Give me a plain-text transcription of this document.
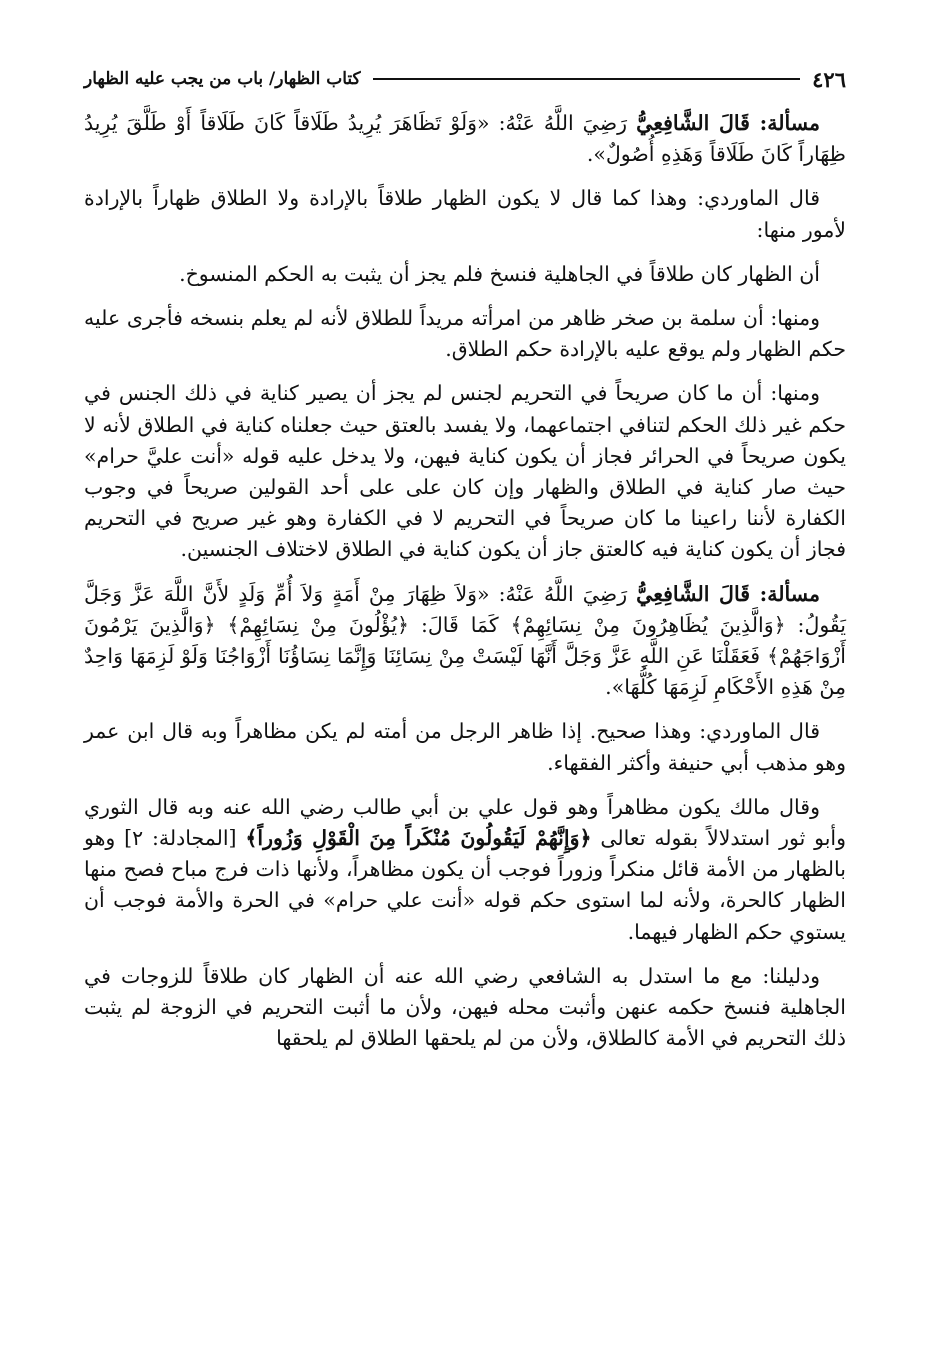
٤٢٦
كتاب الظهار/ باب من يجب عليه الظهار

مسألة: قَالَ الشَّافِعِيُّ رَضِيَ اللَّهُ عَنْهُ: «وَلَوْ تَظَاهَرَ يُرِيدُ طَلَاقاً كَانَ طَلَاقاً أَوْ طَلَّقَ يُرِيدُ ظِهَاراً كَانَ طَلَاقاً وَهَذِهِ أُصُولٌ».

قال الماوردي: وهذا كما قال لا يكون الظهار طلاقاً بالإرادة ولا الطلاق ظهاراً بالإرادة لأمور منها:

أن الظهار كان طلاقاً في الجاهلية فنسخ فلم يجز أن يثبت به الحكم المنسوخ.

ومنها: أن سلمة بن صخر ظاهر من امرأته مريداً للطلاق لأنه لم يعلم بنسخه فأجرى عليه حكم الظهار ولم يوقع عليه بالإرادة حكم الطلاق.

ومنها: أن ما كان صريحاً في التحريم لجنس لم يجز أن يصير كناية في ذلك الجنس في حكم غير ذلك الحكم لتنافي اجتماعهما، ولا يفسد بالعتق حيث جعلناه كناية في الطلاق لأنه لا يكون صريحاً في الحرائر فجاز أن يكون كناية فيهن، ولا يدخل عليه قوله «أنت عليَّ حرام» حيث صار كناية في الطلاق والظهار وإن كان على على أحد القولين صريحاً في وجوب الكفارة لأننا راعينا ما كان صريحاً في التحريم لا في الكفارة وهو غير صريح في التحريم فجاز أن يكون كناية فيه كالعتق جاز أن يكون كناية في الطلاق لاختلاف الجنسين.

مسألة: قَالَ الشَّافِعِيُّ رَضِيَ اللَّهُ عَنْهُ: «وَلاَ ظِهَارَ مِنْ أَمَةٍ وَلاَ أُمِّ وَلَدٍ لأَنَّ اللَّهَ عَزَّ وَجَلَّ يَقُولُ: ﴿وَالَّذِينَ يُظَاهِرُونَ مِنْ نِسَائِهِمْ﴾ كَمَا قَالَ: ﴿يُؤْلُونَ مِنْ نِسَائِهِمْ﴾ ﴿وَالَّذِينَ يَرْمُونَ أَزْوَاجَهُمْ﴾ فَعَقَلْنَا عَنِ اللَّهِ عَزَّ وَجَلَّ أَنَّهَا لَيْسَتْ مِنْ نِسَائِنَا وَإِنَّمَا نِسَاؤُنَا أَزْوَاجُنَا وَلَوْ لَزِمَهَا وَاحِدٌ مِنْ هَذِهِ الأَحْكَامِ لَزِمَهَا كُلُّهَا».

قال الماوردي: وهذا صحيح. إذا ظاهر الرجل من أمته لم يكن مظاهراً وبه قال ابن عمر وهو مذهب أبي حنيفة وأكثر الفقهاء.

وقال مالك يكون مظاهراً وهو قول علي بن أبي طالب رضي الله عنه وبه قال الثوري وأبو ثور استدلالاً بقوله تعالى ﴿وَإِنَّهُمْ لَيَقُولُونَ مُنْكَراً مِنَ الْقَوْلِ وَزُوراً﴾ [المجادلة: ٢] وهو بالظهار من الأمة قائل منكراً وزوراً فوجب أن يكون مظاهراً، ولأنها ذات فرج مباح فصح منها الظهار كالحرة، ولأنه لما استوى حكم قوله «أنت علي حرام» في الحرة والأمة فوجب أن يستوي حكم الظهار فيهما.

ودليلنا: مع ما استدل به الشافعي رضي الله عنه أن الظهار كان طلاقاً للزوجات في الجاهلية فنسخ حكمه عنهن وأثبت محله فيهن، ولأن ما أثبت التحريم في الزوجة لم يثبت ذلك التحريم في الأمة كالطلاق، ولأن من لم يلحقها الطلاق لم يلحقها
